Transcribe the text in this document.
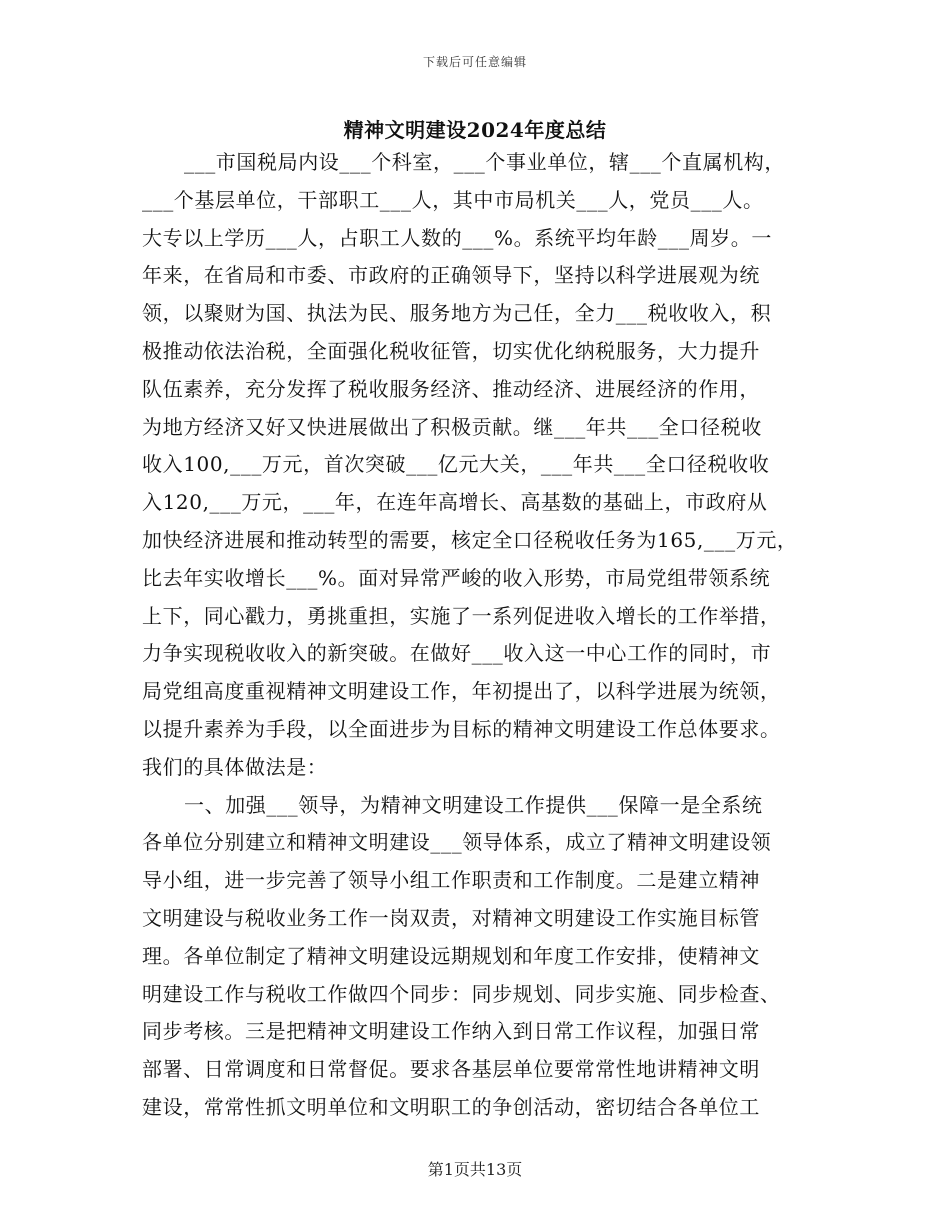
下载后可任意编辑
精神文明建设2024年度总结
___市国税局内设___个科室，___个事业单位，辖___个直属机构，
___个基层单位，干部职工___人，其中市局机关___人，党员___人。
大专以上学历___人，占职工人数的___%。系统平均年龄___周岁。一
年来，在省局和市委、市政府的正确领导下，坚持以科学进展观为统
领，以聚财为国、执法为民、服务地方为己任，全力___税收收入，积
极推动依法治税，全面强化税收征管，切实优化纳税服务，大力提升
队伍素养，充分发挥了税收服务经济、推动经济、进展经济的作用，
为地方经济又好又快进展做出了积极贡献。继___年共___全口径税收
收入100,___万元，首次突破___亿元大关，___年共___全口径税收收
入120,___万元，___年，在连年高增长、高基数的基础上，市政府从
加快经济进展和推动转型的需要，核定全口径税收任务为165,___万元，
比去年实收增长___%。面对异常严峻的收入形势，市局党组带领系统
上下，同心戳力，勇挑重担，实施了一系列促进收入增长的工作举措，
力争实现税收收入的新突破。在做好___收入这一中心工作的同时，市
局党组高度重视精神文明建设工作，年初提出了，以科学进展为统领，
以提升素养为手段，以全面进步为目标的精神文明建设工作总体要求。
我们的具体做法是：
一、加强___领导，为精神文明建设工作提供___保障一是全系统
各单位分别建立和精神文明建设___领导体系，成立了精神文明建设领
导小组，进一步完善了领导小组工作职责和工作制度。二是建立精神
文明建设与税收业务工作一岗双责，对精神文明建设工作实施目标管
理。各单位制定了精神文明建设远期规划和年度工作安排，使精神文
明建设工作与税收工作做四个同步：同步规划、同步实施、同步检查、
同步考核。三是把精神文明建设工作纳入到日常工作议程，加强日常
部署、日常调度和日常督促。要求各基层单位要常常性地讲精神文明
建设，常常性抓文明单位和文明职工的争创活动，密切结合各单位工
第1页共13页
